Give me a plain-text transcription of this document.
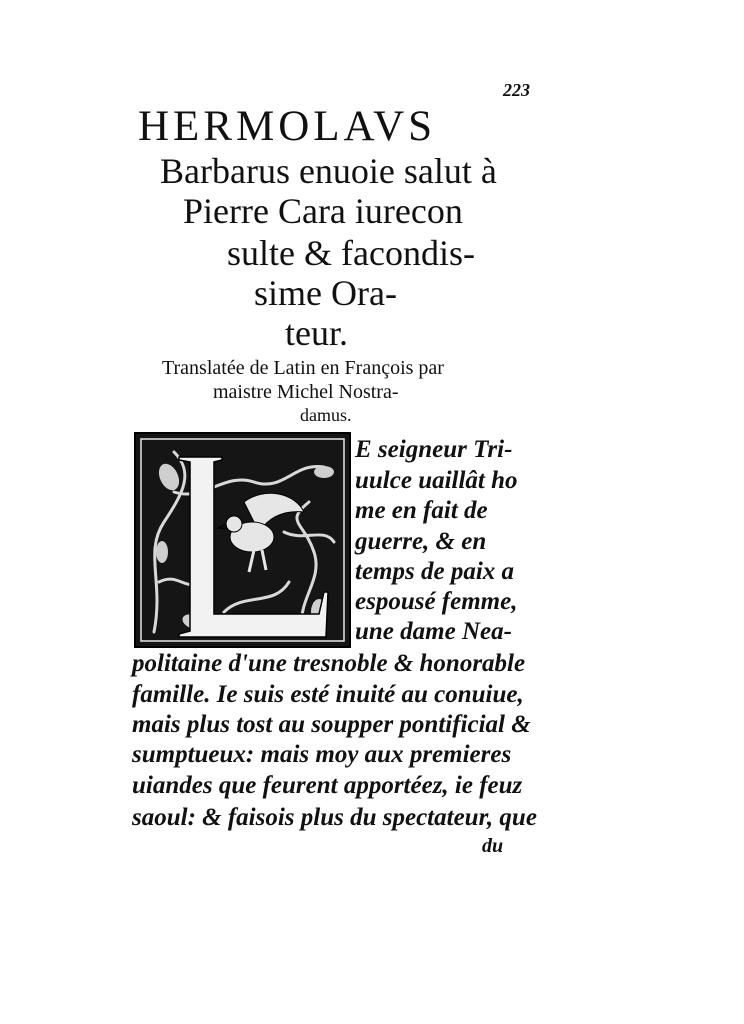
223
HERMOLAVS
Barbarus enuoie salut à
Pierre Cara iurecon
sulte & facondis-
sime Ora-
teur.
Translatée de Latin en François par
maistre Michel Nostra-
damus.
E seigneur Tri-
uulce uaillât ho
me en fait de
guerre, & en
temps de paix a
espousé femme,
une dame Nea-
politaine d'une tresnoble & honorable
famille. Ie suis esté inuité au conuiue,
mais plus tost au soupper pontificial &
sumptueux: mais moy aux premieres
uiandes que feurent apportéez, ie feuz
saoul: & faisois plus du spectateur, que
du
